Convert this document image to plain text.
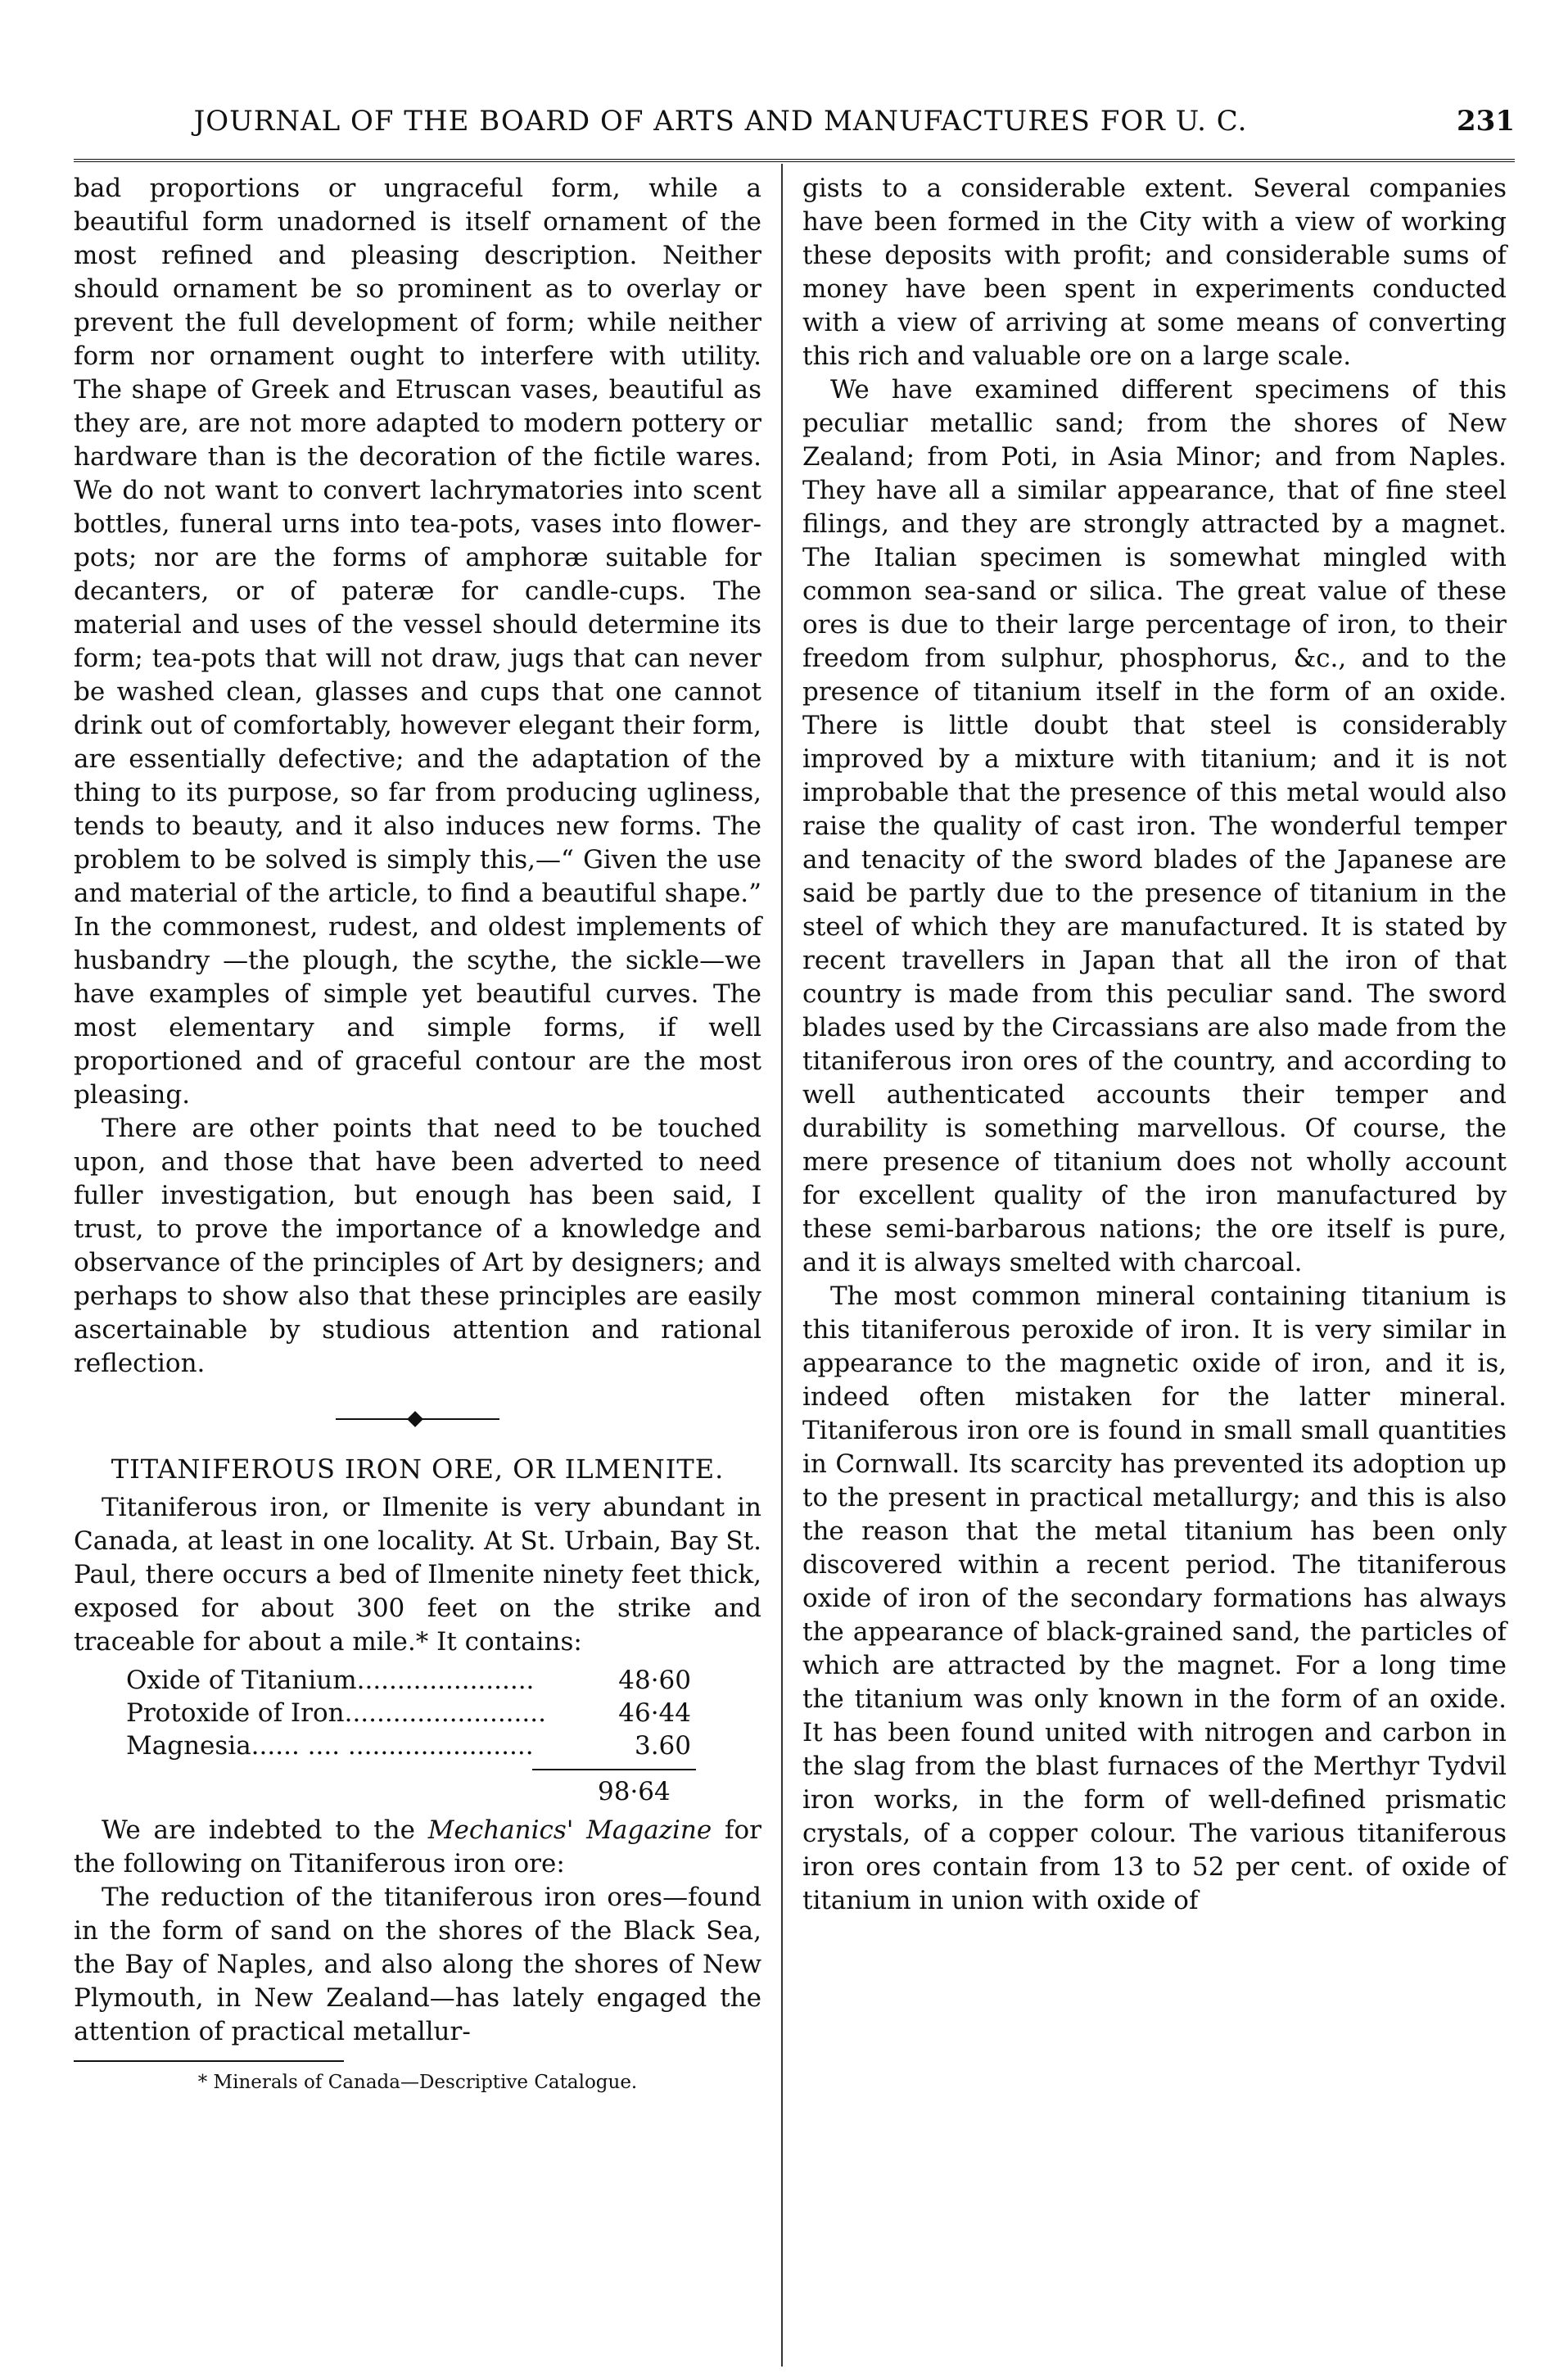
JOURNAL OF THE BOARD OF ARTS AND MANUFACTURES FOR U. C.	231

bad proportions or ungraceful form, while a beautiful form unadorned is itself ornament of the most refined and pleasing description. Neither should ornament be so prominent as to overlay or prevent the full development of form; while neither form nor ornament ought to interfere with utility. The shape of Greek and Etruscan vases, beautiful as they are, are not more adapted to modern pottery or hardware than is the decoration of the fictile wares. We do not want to convert lachrymatories into scent bottles, funeral urns into tea-pots, vases into flower-pots; nor are the forms of amphoræ suitable for decanters, or of pateræ for candle-cups. The material and uses of the vessel should determine its form; tea-pots that will not draw, jugs that can never be washed clean, glasses and cups that one cannot drink out of comfortably, however elegant their form, are essentially defective; and the adaptation of the thing to its purpose, so far from producing ugliness, tends to beauty, and it also induces new forms. The problem to be solved is simply this,—“ Given the use and material of the article, to find a beautiful shape.” In the commonest, rudest, and oldest implements of husbandry —the plough, the scythe, the sickle—we have examples of simple yet beautiful curves. The most elementary and simple forms, if well proportioned and of graceful contour are the most pleasing.

There are other points that need to be touched upon, and those that have been adverted to need fuller investigation, but enough has been said, I trust, to prove the importance of a knowledge and observance of the principles of Art by designers; and perhaps to show also that these principles are easily ascertainable by studious attention and rational reflection.

TITANIFEROUS IRON ORE, OR ILMENITE.

Titaniferous iron, or Ilmenite is very abundant in Canada, at least in one locality. At St. Urbain, Bay St. Paul, there occurs a bed of Ilmenite ninety feet thick, exposed for about 300 feet on the strike and traceable for about a mile.* It contains:

Oxide of Titanium......................	48·60
Protoxide of Iron.........................	46·44
Magnesia...... .... .......................	3.60
98·64

We are indebted to the Mechanics' Magazine for the following on Titaniferous iron ore:

The reduction of the titaniferous iron ores—found in the form of sand on the shores of the Black Sea, the Bay of Naples, and also along the shores of New Plymouth, in New Zealand—has lately engaged the attention of practical metallur-

* Minerals of Canada—Descriptive Catalogue.

gists to a considerable extent. Several companies have been formed in the City with a view of working these deposits with profit; and considerable sums of money have been spent in experiments conducted with a view of arriving at some means of converting this rich and valuable ore on a large scale.

We have examined different specimens of this peculiar metallic sand; from the shores of New Zealand; from Poti, in Asia Minor; and from Naples. They have all a similar appearance, that of fine steel filings, and they are strongly attracted by a magnet. The Italian specimen is somewhat mingled with common sea-sand or silica. The great value of these ores is due to their large percentage of iron, to their freedom from sulphur, phosphorus, &c., and to the presence of titanium itself in the form of an oxide. There is little doubt that steel is considerably improved by a mixture with titanium; and it is not improbable that the presence of this metal would also raise the quality of cast iron. The wonderful temper and tenacity of the sword blades of the Japanese are said be partly due to the presence of titanium in the steel of which they are manufactured. It is stated by recent travellers in Japan that all the iron of that country is made from this peculiar sand. The sword blades used by the Circassians are also made from the titaniferous iron ores of the country, and according to well authenticated accounts their temper and durability is something marvellous. Of course, the mere presence of titanium does not wholly account for excellent quality of the iron manufactured by these semi-barbarous nations; the ore itself is pure, and it is always smelted with charcoal.

The most common mineral containing titanium is this titaniferous peroxide of iron. It is very similar in appearance to the magnetic oxide of iron, and it is, indeed often mistaken for the latter mineral. Titaniferous iron ore is found in small small quantities in Cornwall. Its scarcity has prevented its adoption up to the present in practical metallurgy; and this is also the reason that the metal titanium has been only discovered within a recent period. The titaniferous oxide of iron of the secondary formations has always the appearance of black-grained sand, the particles of which are attracted by the magnet. For a long time the titanium was only known in the form of an oxide. It has been found united with nitrogen and carbon in the slag from the blast furnaces of the Merthyr Tydvil iron works, in the form of well-defined prismatic crystals, of a copper colour. The various titaniferous iron ores contain from 13 to 52 per cent. of oxide of titanium in union with oxide of
